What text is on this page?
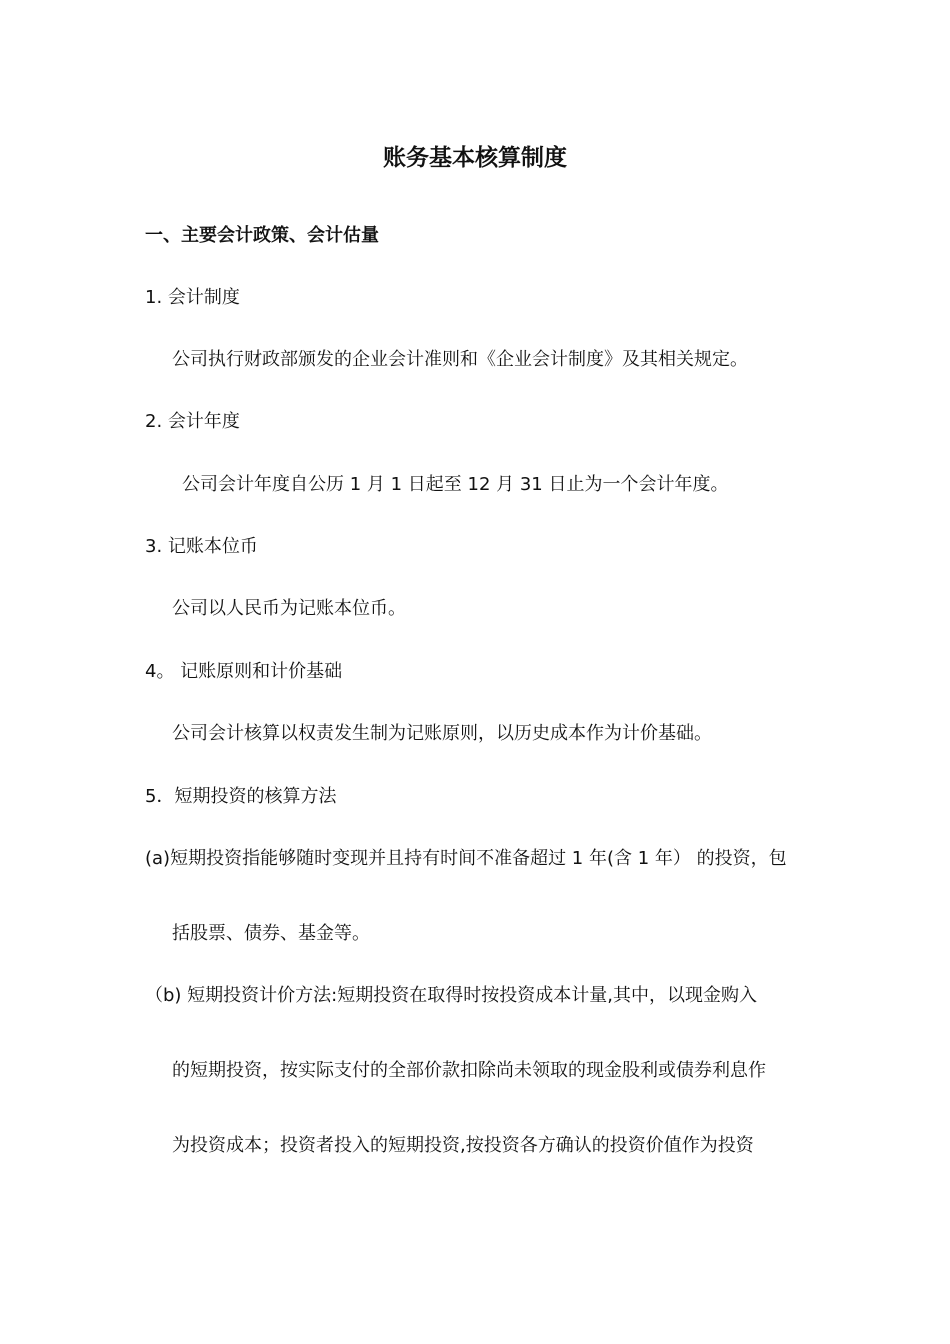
账务基本核算制度
一、主要会计政策、会计估量
1. 会计制度
公司执行财政部颁发的企业会计准则和《企业会计制度》及其相关规定。
2. 会计年度
公司会计年度自公历 1 月 1 日起至 12 月 31 日止为一个会计年度。
3. 记账本位币
公司以人民币为记账本位币。
4。 记账原则和计价基础
公司会计核算以权责发生制为记账原则，以历史成本作为计价基础。
5．短期投资的核算方法
(a)短期投资指能够随时变现并且持有时间不准备超过 1 年(含 1 年） 的投资，包
括股票、债券、基金等。
（b) 短期投资计价方法:短期投资在取得时按投资成本计量,其中，以现金购入
的短期投资，按实际支付的全部价款扣除尚未领取的现金股利或债券利息作
为投资成本；投资者投入的短期投资,按投资各方确认的投资价值作为投资
